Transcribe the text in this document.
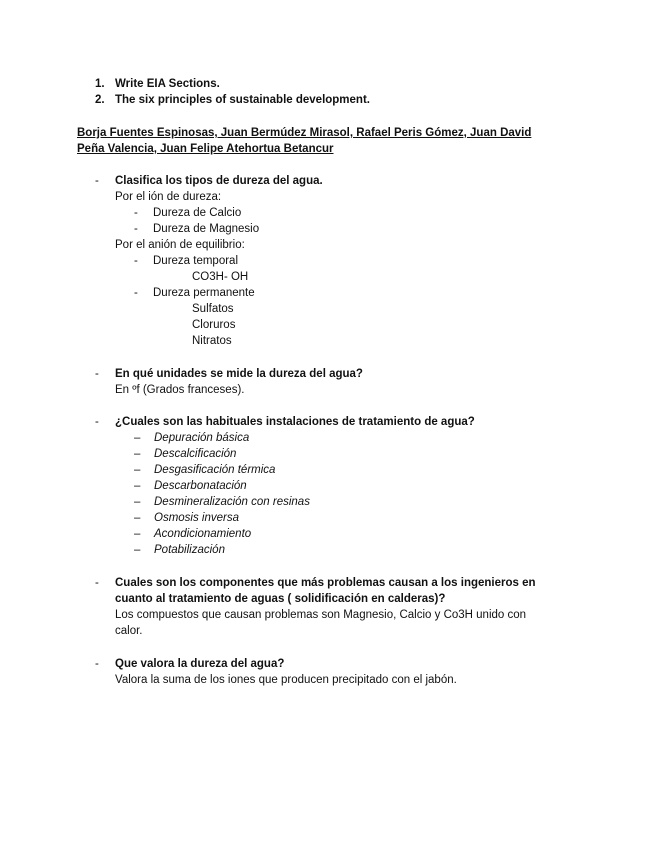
1. Write EIA Sections.
2. The six principles of sustainable development.
Borja Fuentes Espinosas, Juan Bermúdez Mirasol, Rafael Peris Gómez, Juan David
Peña Valencia, Juan Felipe Atehortua Betancur
- Clasifica los tipos de dureza del agua.
Por el ión de dureza:
- Dureza de Calcio
- Dureza de Magnesio
Por el anión de equilibrio:
- Dureza temporal
CO3H- OH
- Dureza permanente
Sulfatos
Cloruros
Nitratos
- En qué unidades se mide la dureza del agua?
En ºf (Grados franceses).
- ¿Cuales son las habituales instalaciones de tratamiento de agua?
– Depuración básica
– Descalcificación
– Desgasificación térmica
– Descarbonatación
– Desmineralización con resinas
– Osmosis inversa
– Acondicionamiento
– Potabilización
- Cuales son los componentes que más problemas causan a los ingenieros en
cuanto al tratamiento de aguas ( solidificación en calderas)?
Los compuestos que causan problemas son Magnesio, Calcio y Co3H unido con
calor.
- Que valora la dureza del agua?
Valora la suma de los iones que producen precipitado con el jabón.
